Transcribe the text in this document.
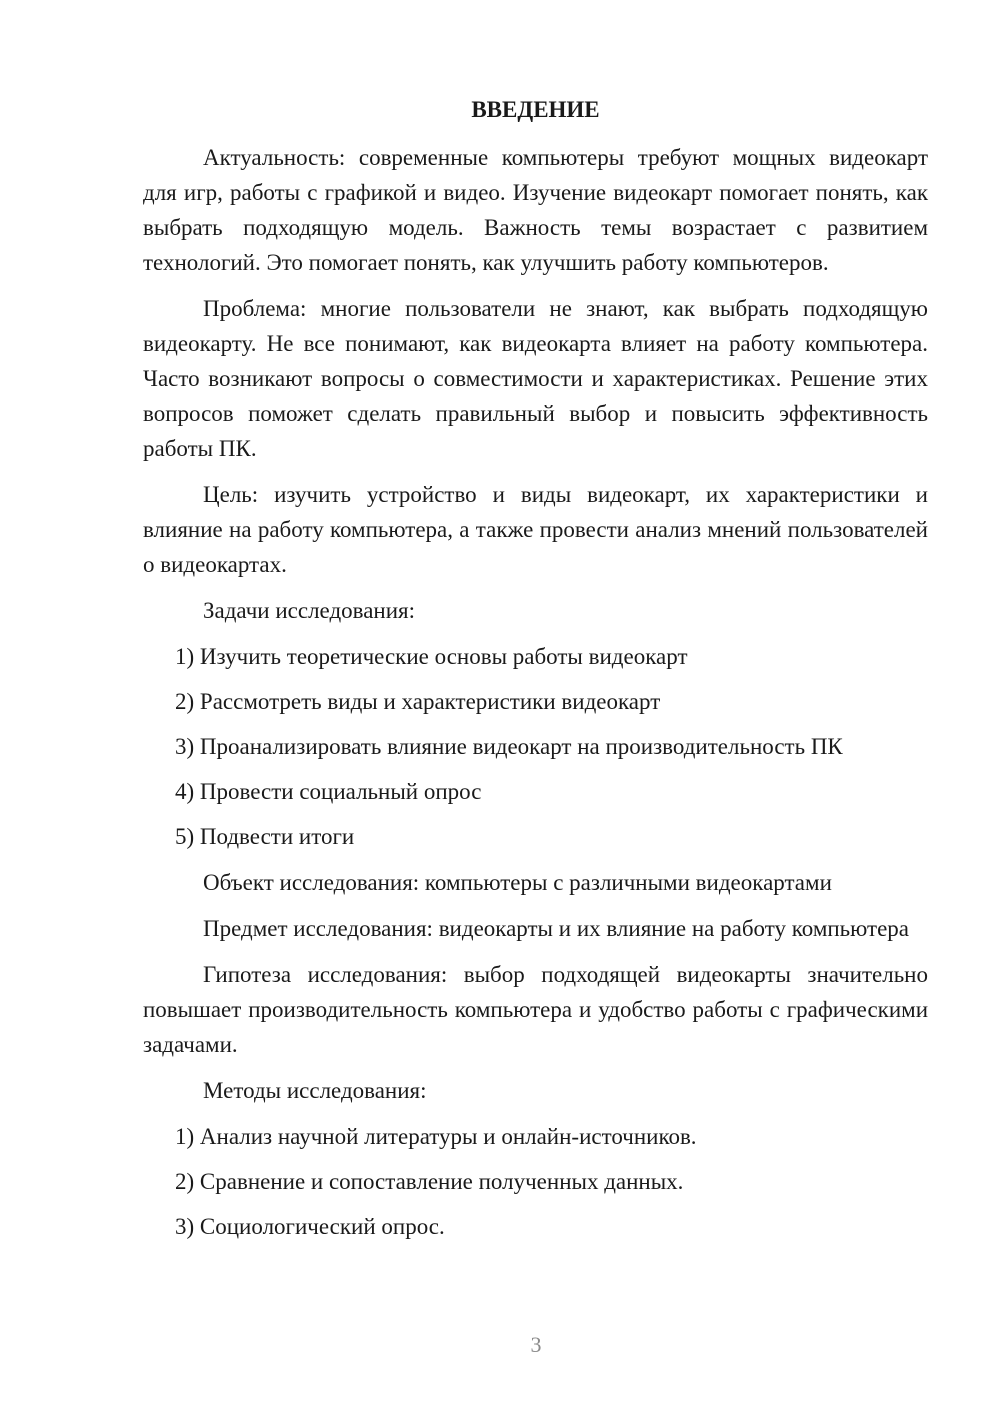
ВВЕДЕНИЕ

Актуальность: современные компьютеры требуют мощных видеокарт для игр, работы с графикой и видео. Изучение видеокарт помогает понять, как выбрать подходящую модель. Важность темы возрастает с развитием технологий. Это помогает понять, как улучшить работу компьютеров.

Проблема: многие пользователи не знают, как выбрать подходящую видеокарту. Не все понимают, как видеокарта влияет на работу компьютера. Часто возникают вопросы о совместимости и характеристиках. Решение этих вопросов поможет сделать правильный выбор и повысить эффективность работы ПК.

Цель: изучить устройство и виды видеокарт, их характеристики и влияние на работу компьютера, а также провести анализ мнений пользователей о видеокартах.

Задачи исследования:

1) Изучить теоретические основы работы видеокарт
2) Рассмотреть виды и характеристики видеокарт
3) Проанализировать влияние видеокарт на производительность ПК
4) Провести социальный опрос
5) Подвести итоги

Объект исследования: компьютеры с различными видеокартами

Предмет исследования: видеокарты и их влияние на работу компьютера

Гипотеза исследования: выбор подходящей видеокарты значительно повышает производительность компьютера и удобство работы с графическими задачами.

Методы исследования:

1) Анализ научной литературы и онлайн-источников.
2) Сравнение и сопоставление полученных данных.
3) Социологический опрос.
3
